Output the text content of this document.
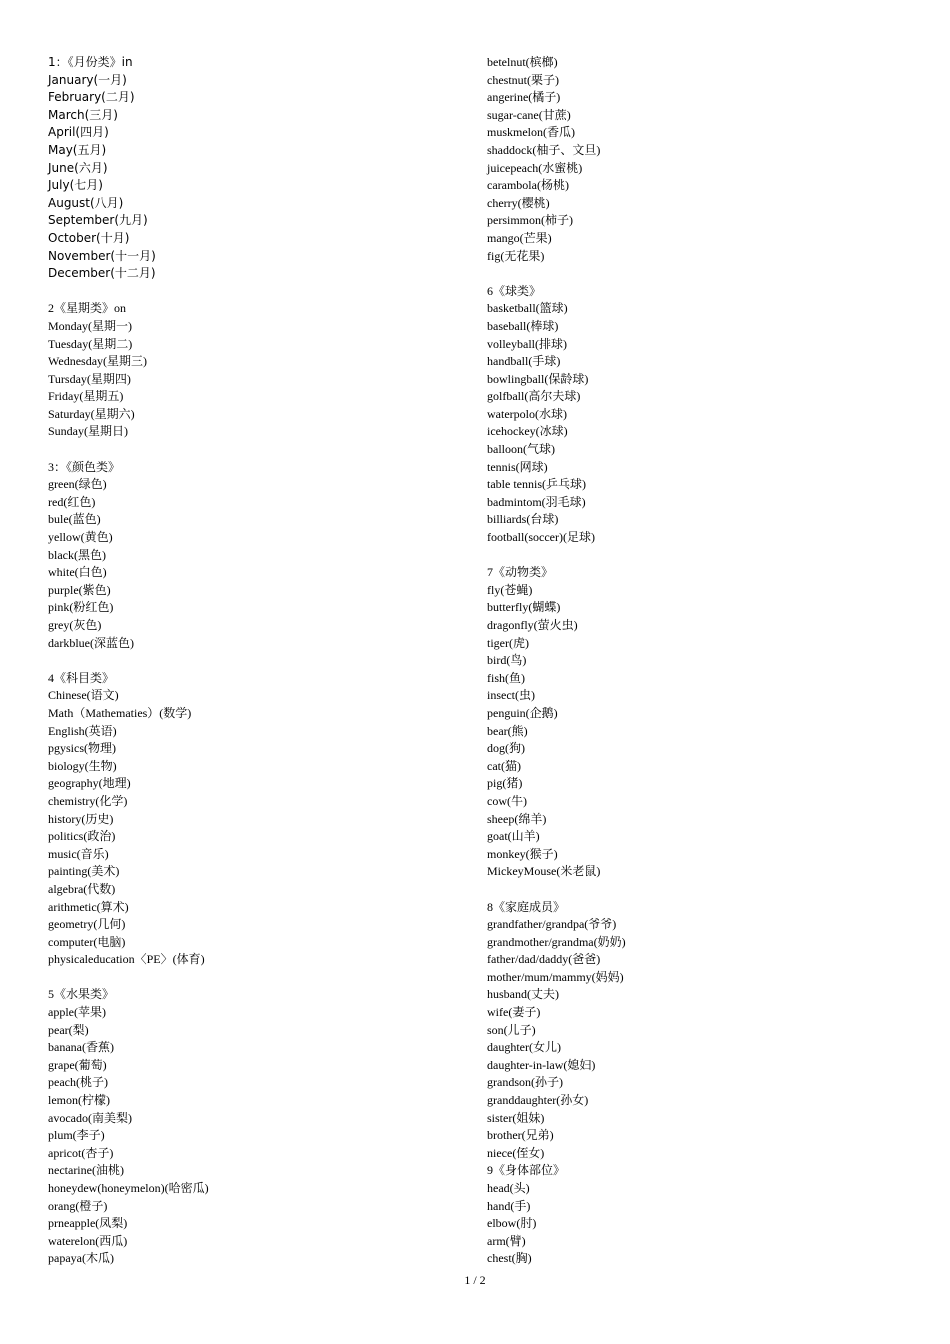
1：《月份类》in
January(一月)
February(二月)
March(三月)
April(四月)
May(五月)
June(六月)
July(七月)
August(八月)
September(九月)
October(十月)
November(十一月)
December(十二月)
2《星期类》on
Monday(星期一)
Tuesday(星期二)
Wednesday(星期三)
Tursday(星期四)
Friday(星期五)
Saturday(星期六)
Sunday(星期日)
3：《颜色类》
green(绿色)
red(红色)
bule(蓝色)
yellow(黄色)
black(黑色)
white(白色)
purple(紫色)
pink(粉红色)
grey(灰色)
darkblue(深蓝色)
4《科目类》
Chinese(语文)
Math（Mathematies）(数学)
English(英语)
pgysics(物理)
biology(生物)
geography(地理)
chemistry(化学)
history(历史)
politics(政治)
music(音乐)
painting(美术)
algebra(代数)
arithmetic(算术)
geometry(几何)
computer(电脑)
physicaleducation〈PE〉(体育)
5《水果类》
apple(苹果)
pear(梨)
banana(香蕉)
grape(葡萄)
peach(桃子)
lemon(柠檬)
avocado(南美梨)
plum(李子)
apricot(杏子)
nectarine(油桃)
honeydew(honeymelon)(哈密瓜)
orang(橙子)
prneapple(凤梨)
waterelon(西瓜)
papaya(木瓜)
betelnut(槟榔)
chestnut(栗子)
angerine(橘子)
sugar-cane(甘蔗)
muskmelon(香瓜)
shaddock(柚子、文旦)
juicepeach(水蜜桃)
carambola(杨桃)
cherry(樱桃)
persimmon(柿子)
mango(芒果)
fig(无花果)
6《球类》
basketball(篮球)
baseball(棒球)
volleyball(排球)
handball(手球)
bowlingball(保龄球)
golfball(高尔夫球)
waterpolo(水球)
icehockey(冰球)
balloon(气球)
tennis(网球)
table tennis(乒乓球)
badmintom(羽毛球)
billiards(台球)
football(soccer)(足球)
7《动物类》
fly(苍蝇)
butterfly(蝴蝶)
dragonfly(萤火虫)
tiger(虎)
bird(鸟)
fish(鱼)
insect(虫)
penguin(企鹅)
bear(熊)
dog(狗)
cat(猫)
pig(猪)
cow(牛)
sheep(绵羊)
goat(山羊)
monkey(猴子)
MickeyMouse(米老鼠)
8《家庭成员》
grandfather/grandpa(爷爷)
grandmother/grandma(奶奶)
father/dad/daddy(爸爸)
mother/mum/mammy(妈妈)
husband(丈夫)
wife(妻子)
son(儿子)
daughter(女儿)
daughter-in-law(媳妇)
grandson(孙子)
granddaughter(孙女)
sister(姐妹)
brother(兄弟)
niece(侄女)
9《身体部位》
head(头)
hand(手)
elbow(肘)
arm(臂)
chest(胸)
1 / 2
